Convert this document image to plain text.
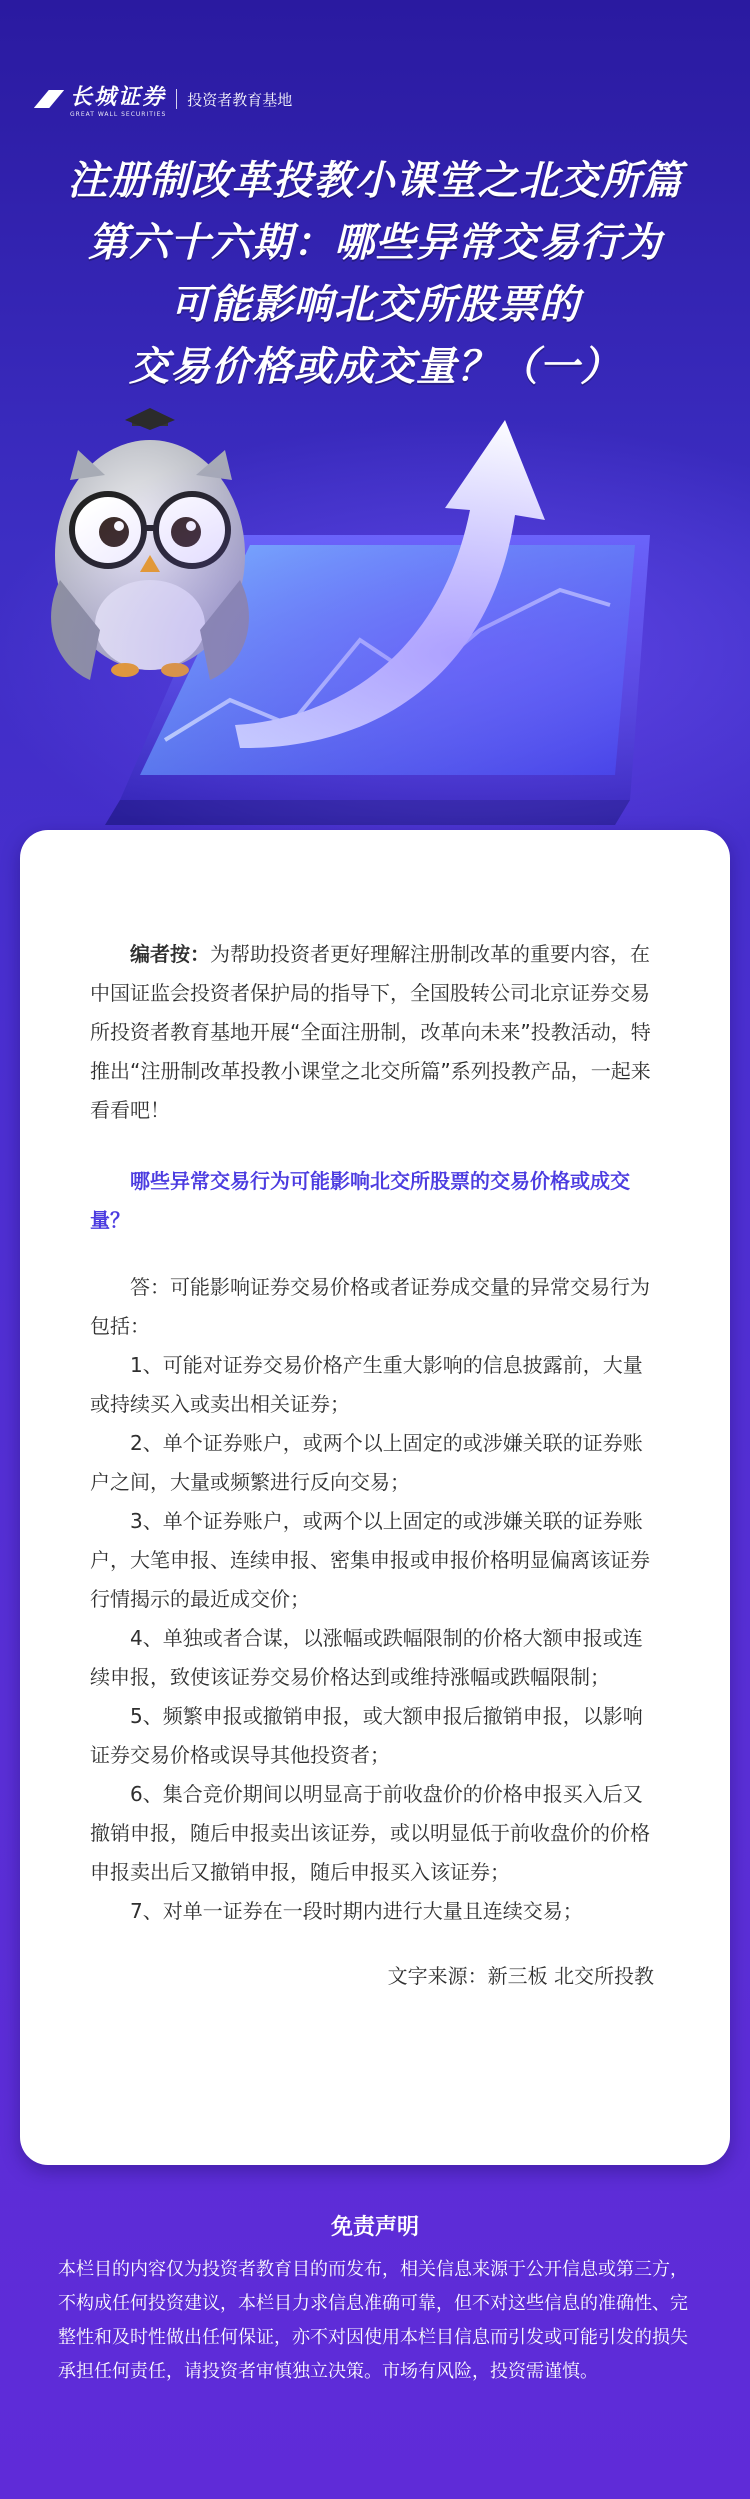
长城证券
GREAT WALL SECURITIES
投资者教育基地
注册制改革投教小课堂之北交所篇
第六十六期：哪些异常交易行为
可能影响北交所股票的
交易价格或成交量？（一）

编者按：为帮助投资者更好理解注册制改革的重要内容，在中国证监会投资者保护局的指导下，全国股转公司北京证券交易所投资者教育基地开展“全面注册制，改革向未来”投教活动，特推出“注册制改革投教小课堂之北交所篇”系列投教产品，一起来看看吧！

哪些异常交易行为可能影响北交所股票的交易价格或成交量？

答：可能影响证券交易价格或者证券成交量的异常交易行为包括：

1、可能对证券交易价格产生重大影响的信息披露前，大量或持续买入或卖出相关证券；

2、单个证券账户，或两个以上固定的或涉嫌关联的证券账户之间，大量或频繁进行反向交易；

3、单个证券账户，或两个以上固定的或涉嫌关联的证券账户，大笔申报、连续申报、密集申报或申报价格明显偏离该证券行情揭示的最近成交价；

4、单独或者合谋，以涨幅或跌幅限制的价格大额申报或连续申报，致使该证券交易价格达到或维持涨幅或跌幅限制；

5、频繁申报或撤销申报，或大额申报后撤销申报，以影响证券交易价格或误导其他投资者；

6、集合竞价期间以明显高于前收盘价的价格申报买入后又撤销申报，随后申报卖出该证券，或以明显低于前收盘价的价格申报卖出后又撤销申报，随后申报买入该证券；

7、对单一证券在一段时期内进行大量且连续交易；

文字来源：新三板 北交所投教
免责声明
本栏目的内容仅为投资者教育目的而发布，相关信息来源于公开信息或第三方，不构成任何投资建议，本栏目力求信息准确可靠，但不对这些信息的准确性、完整性和及时性做出任何保证，亦不对因使用本栏目信息而引发或可能引发的损失承担任何责任，请投资者审慎独立决策。市场有风险，投资需谨慎。
